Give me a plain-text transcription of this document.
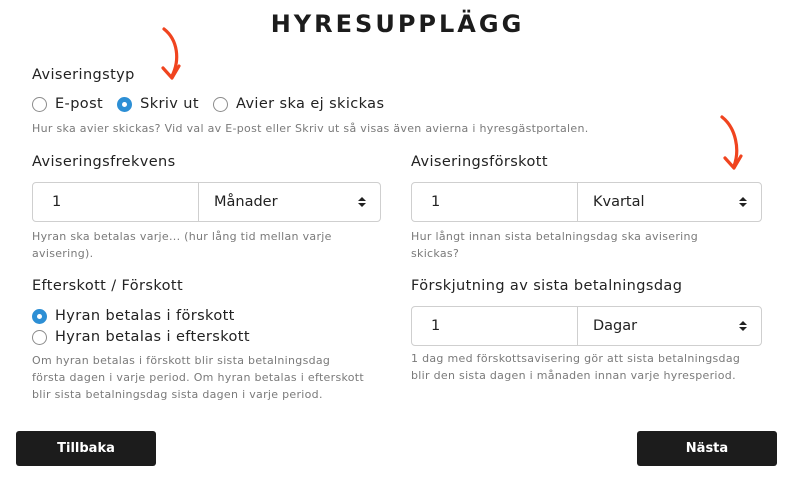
HYRESUPPLÄGG
Aviseringstyp
E-post	Skriv ut	Avier ska ej skickas
Hur ska avier skickas? Vid val av E-post eller Skriv ut så visas även avierna i hyresgästportalen.
Aviseringsfrekvens
1	Månader
Hyran ska betalas varje... (hur lång tid mellan varje
avisering).
Aviseringsförskott
1	Kvartal
Hur långt innan sista betalningsdag ska avisering
skickas?
Efterskott / Förskott
Hyran betalas i förskott
Hyran betalas i efterskott
Om hyran betalas i förskott blir sista betalningsdag
första dagen i varje period. Om hyran betalas i efterskott
blir sista betalningsdag sista dagen i varje period.
Förskjutning av sista betalningsdag
1	Dagar
1 dag med förskottsavisering gör att sista betalningsdag
blir den sista dagen i månaden innan varje hyresperiod.
Tillbaka	Nästa
